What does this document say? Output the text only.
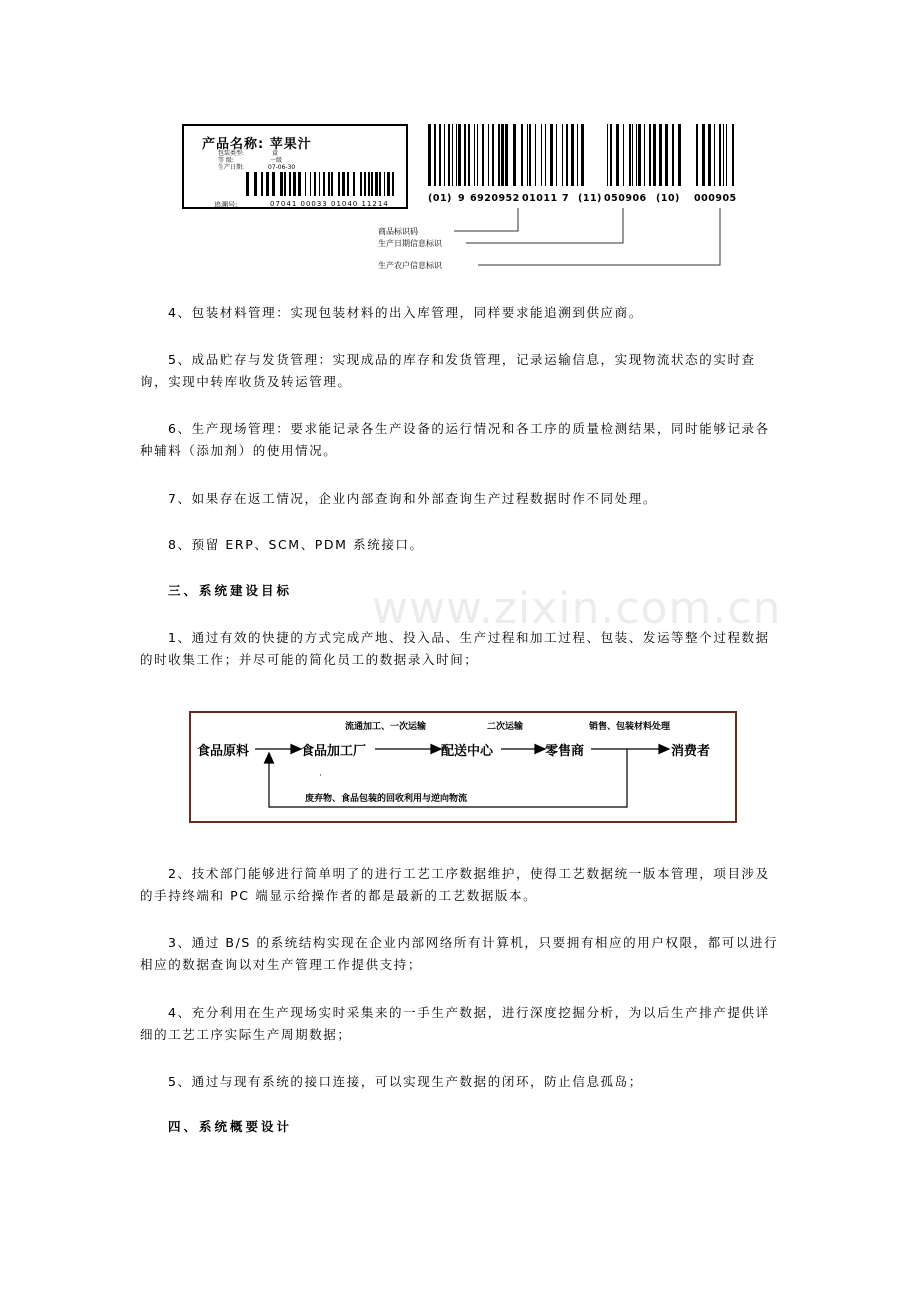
产品名称: 苹果汁
包装类型:	盒
等 级:	一级
生产日期:	07-06-30
追溯号:	07041 00033 01040 11214	(01) 9 6920952 01011 7 (11) 050906 (10) 000905
商品标识码
生产日期信息标识
生产农户信息标识

4、包装材料管理：实现包装材料的出入库管理，同样要求能追溯到供应商。

5、成品贮存与发货管理：实现成品的库存和发货管理，记录运输信息，实现物流状态的实时查询，实现中转库收货及转运管理。

6、生产现场管理：要求能记录各生产设备的运行情况和各工序的质量检测结果，同时能够记录各种辅料（添加剂）的使用情况。

7、如果存在返工情况，企业内部查询和外部查询生产过程数据时作不同处理。

8、预留 ERP、SCM、PDM 系统接口。

三、系统建设目标

1、通过有效的快捷的方式完成产地、投入品、生产过程和加工过程、包装、发运等整个过程数据的时收集工作；并尽可能的简化员工的数据录入时间；

www.zixin.com.cn
食品原料	食品加工厂	配送中心	零售商	消费者
流通加工、一次运输	二次运输	销售、包装材料处理
·
废弃物、食品包装的回收利用与逆向物流

2、技术部门能够进行简单明了的进行工艺工序数据维护，使得工艺数据统一版本管理，项目涉及的手持终端和 PC 端显示给操作者的都是最新的工艺数据版本。

3、通过 B/S 的系统结构实现在企业内部网络所有计算机，只要拥有相应的用户权限，都可以进行相应的数据查询以对生产管理工作提供支持；

4、充分利用在生产现场实时采集来的一手生产数据，进行深度挖掘分析，为以后生产排产提供详细的工艺工序实际生产周期数据；

5、通过与现有系统的接口连接，可以实现生产数据的闭环，防止信息孤岛；

四、系统概要设计
